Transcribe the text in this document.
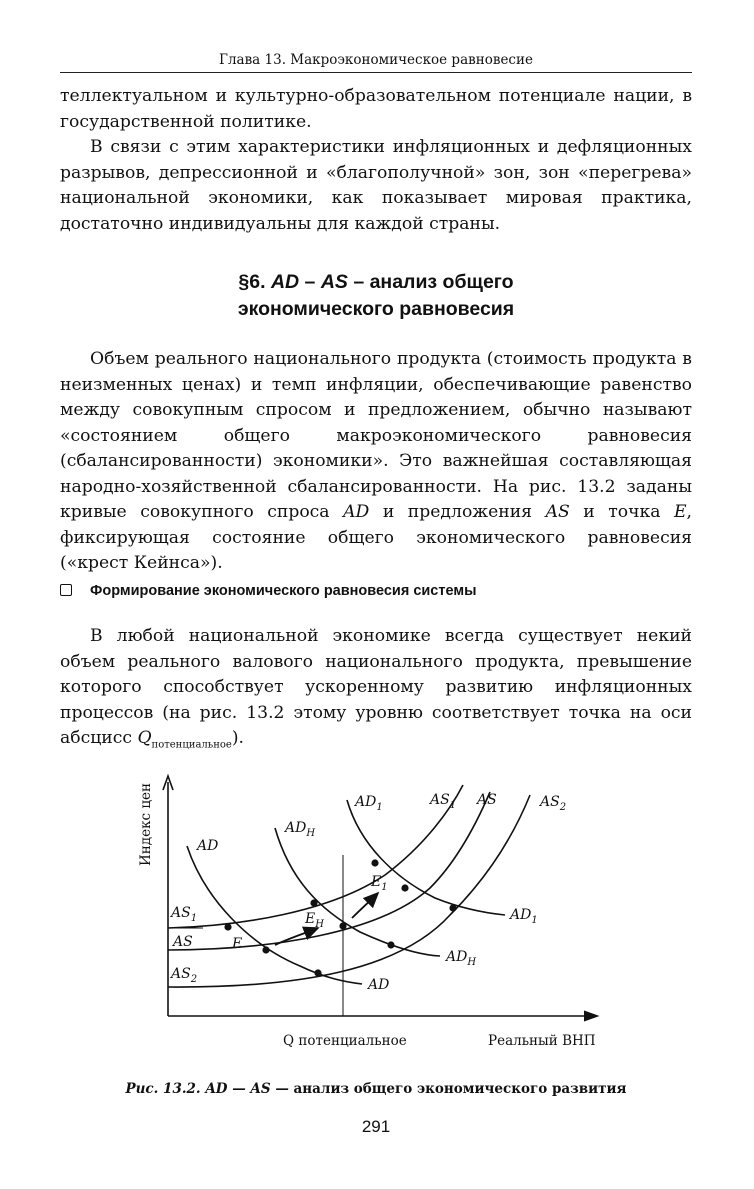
Глава 13. Макроэкономическое равновесие

теллектуальном и культурно-образовательном потенциале нации, в государственной политике.

В связи с этим характеристики инфляционных и дефляционных разрывов, депрессионной и «благополучной» зон, зон «перегрева» национальной экономики, как показывает мировая практика, достаточно индивидуальны для каждой страны.

§6. AD – AS – анализ общего
экономического равновесия

Объем реального национального продукта (стоимость продукта в неизменных ценах) и темп инфляции, обеспечивающие равенство между совокупным спросом и предложением, обычно называют «состоянием общего макроэкономического равновесия (сбалансированности) экономики». Это важнейшая составляющая народно-хозяйственной сбалансированности. На рис. 13.2 заданы кривые совокупного спроса AD и предложения AS и точка E, фиксирующая состояние общего экономического равновесия («крест Кейнса»).

Формирование экономического равновесия системы

В любой национальной экономике всегда существует некий объем реального валового национального продукта, превышение которого способствует ускоренному развитию инфляционных процессов (на рис. 13.2 этому уровню соответствует точка на оси абсцисс $Q_{потенциальное}$).

$AS_1$
AS
$AS_2$
$AD_1$	$AS_1$ AS	$AS_2$
$AD_H$
AD
$AD_1$
$AD_H$
AD
E
$E_H$
$E_1$
Индекс цен
Q потенциальное	Реальный ВНП
Рис. 13.2. AD — AS — анализ общего экономического развития
291
